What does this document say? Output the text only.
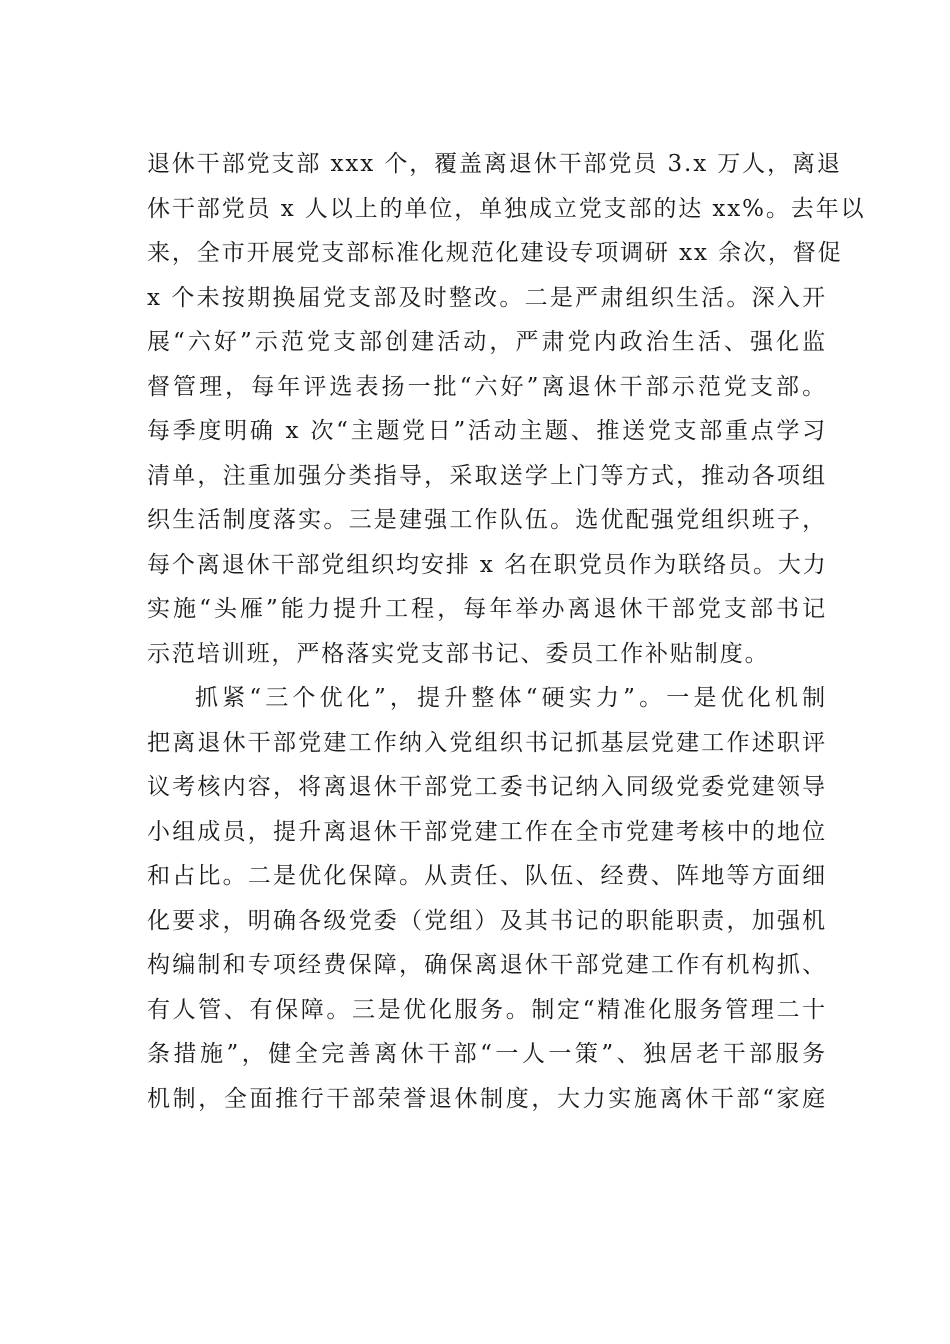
退休干部党支部 xxx 个，覆盖离退休干部党员 3.x 万人，离退
休干部党员 x 人以上的单位，单独成立党支部的达 xx%。去年以
来，全市开展党支部标准化规范化建设专项调研 xx 余次，督促
x 个未按期换届党支部及时整改。二是严肃组织生活。深入开
展“六好”示范党支部创建活动，严肃党内政治生活、强化监
督管理，每年评选表扬一批“六好”离退休干部示范党支部。
每季度明确 x 次“主题党日”活动主题、推送党支部重点学习
清单，注重加强分类指导，采取送学上门等方式，推动各项组
织生活制度落实。三是建强工作队伍。选优配强党组织班子，
每个离退休干部党组织均安排 x 名在职党员作为联络员。大力
实施“头雁”能力提升工程，每年举办离退休干部党支部书记
示范培训班，严格落实党支部书记、委员工作补贴制度。
抓紧“三个优化”，提升整体“硬实力”。一是优化机制
把离退休干部党建工作纳入党组织书记抓基层党建工作述职评
议考核内容，将离退休干部党工委书记纳入同级党委党建领导
小组成员，提升离退休干部党建工作在全市党建考核中的地位
和占比。二是优化保障。从责任、队伍、经费、阵地等方面细
化要求，明确各级党委（党组）及其书记的职能职责，加强机
构编制和专项经费保障，确保离退休干部党建工作有机构抓、
有人管、有保障。三是优化服务。制定“精准化服务管理二十
条措施”，健全完善离休干部“一人一策”、独居老干部服务
机制，全面推行干部荣誉退休制度，大力实施离休干部“家庭
